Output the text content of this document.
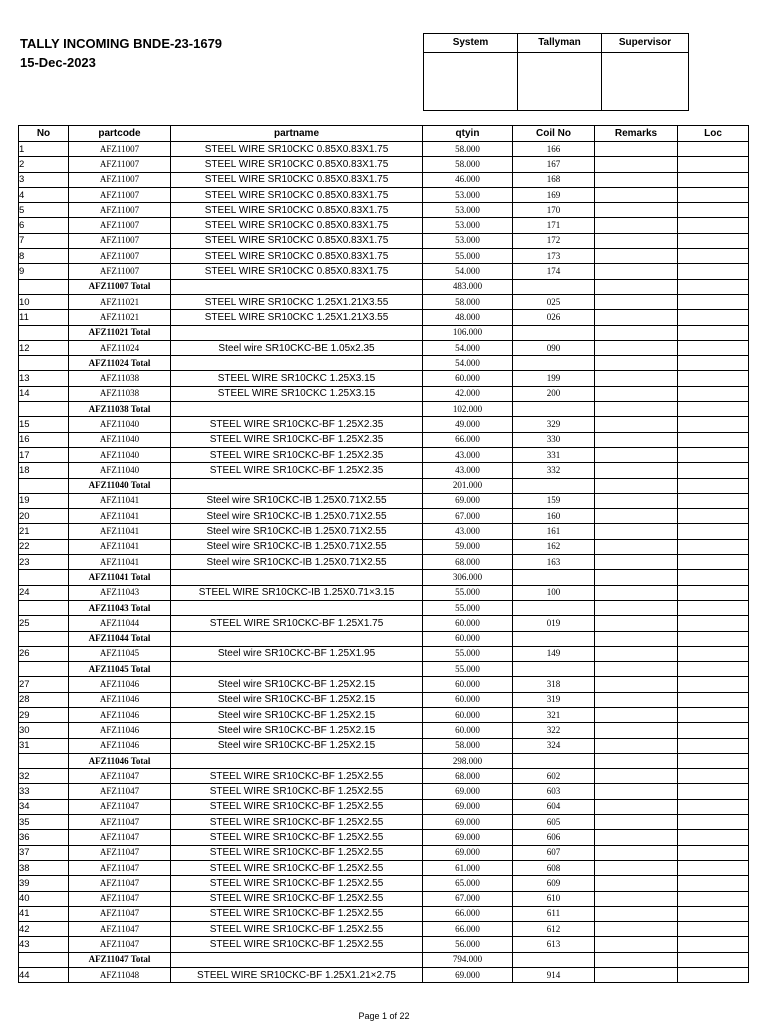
TALLY INCOMING BNDE-23-1679
15-Dec-2023
System	Tallyman	Supervisor
No	partcode	partname	qtyin	Coil No	Remarks	Loc
1	AFZ11007	STEEL WIRE SR10CKC 0.85X0.83X1.75	58.000	166		
2	AFZ11007	STEEL WIRE SR10CKC 0.85X0.83X1.75	58.000	167		
3	AFZ11007	STEEL WIRE SR10CKC 0.85X0.83X1.75	46.000	168		
4	AFZ11007	STEEL WIRE SR10CKC 0.85X0.83X1.75	53.000	169		
5	AFZ11007	STEEL WIRE SR10CKC 0.85X0.83X1.75	53.000	170		
6	AFZ11007	STEEL WIRE SR10CKC 0.85X0.83X1.75	53.000	171		
7	AFZ11007	STEEL WIRE SR10CKC 0.85X0.83X1.75	53.000	172		
8	AFZ11007	STEEL WIRE SR10CKC 0.85X0.83X1.75	55.000	173		
9	AFZ11007	STEEL WIRE SR10CKC 0.85X0.83X1.75	54.000	174		
	AFZ11007 Total		483.000			
10	AFZ11021	STEEL WIRE SR10CKC 1.25X1.21X3.55	58.000	025		
11	AFZ11021	STEEL WIRE SR10CKC 1.25X1.21X3.55	48.000	026		
	AFZ11021 Total		106.000			
12	AFZ11024	Steel wire SR10CKC-BE 1.05x2.35	54.000	090		
	AFZ11024 Total		54.000			
13	AFZ11038	STEEL WIRE SR10CKC 1.25X3.15	60.000	199		
14	AFZ11038	STEEL WIRE SR10CKC 1.25X3.15	42.000	200		
	AFZ11038 Total		102.000			
15	AFZ11040	STEEL WIRE SR10CKC-BF 1.25X2.35	49.000	329		
16	AFZ11040	STEEL WIRE SR10CKC-BF 1.25X2.35	66.000	330		
17	AFZ11040	STEEL WIRE SR10CKC-BF 1.25X2.35	43.000	331		
18	AFZ11040	STEEL WIRE SR10CKC-BF 1.25X2.35	43.000	332		
	AFZ11040 Total		201.000			
19	AFZ11041	Steel wire SR10CKC-IB 1.25X0.71X2.55	69.000	159		
20	AFZ11041	Steel wire SR10CKC-IB 1.25X0.71X2.55	67.000	160		
21	AFZ11041	Steel wire SR10CKC-IB 1.25X0.71X2.55	43.000	161		
22	AFZ11041	Steel wire SR10CKC-IB 1.25X0.71X2.55	59.000	162		
23	AFZ11041	Steel wire SR10CKC-IB 1.25X0.71X2.55	68.000	163		
	AFZ11041 Total		306.000			
24	AFZ11043	STEEL WIRE SR10CKC-IB 1.25X0.71×3.15	55.000	100		
	AFZ11043 Total		55.000			
25	AFZ11044	STEEL WIRE SR10CKC-BF 1.25X1.75	60.000	019		
	AFZ11044 Total		60.000			
26	AFZ11045	Steel wire SR10CKC-BF 1.25X1.95	55.000	149		
	AFZ11045 Total		55.000			
27	AFZ11046	Steel wire SR10CKC-BF 1.25X2.15	60.000	318		
28	AFZ11046	Steel wire SR10CKC-BF 1.25X2.15	60.000	319		
29	AFZ11046	Steel wire SR10CKC-BF 1.25X2.15	60.000	321		
30	AFZ11046	Steel wire SR10CKC-BF 1.25X2.15	60.000	322		
31	AFZ11046	Steel wire SR10CKC-BF 1.25X2.15	58.000	324		
	AFZ11046 Total		298.000			
32	AFZ11047	STEEL WIRE SR10CKC-BF 1.25X2.55	68.000	602		
33	AFZ11047	STEEL WIRE SR10CKC-BF 1.25X2.55	69.000	603		
34	AFZ11047	STEEL WIRE SR10CKC-BF 1.25X2.55	69.000	604		
35	AFZ11047	STEEL WIRE SR10CKC-BF 1.25X2.55	69.000	605		
36	AFZ11047	STEEL WIRE SR10CKC-BF 1.25X2.55	69.000	606		
37	AFZ11047	STEEL WIRE SR10CKC-BF 1.25X2.55	69.000	607		
38	AFZ11047	STEEL WIRE SR10CKC-BF 1.25X2.55	61.000	608		
39	AFZ11047	STEEL WIRE SR10CKC-BF 1.25X2.55	65.000	609		
40	AFZ11047	STEEL WIRE SR10CKC-BF 1.25X2.55	67.000	610		
41	AFZ11047	STEEL WIRE SR10CKC-BF 1.25X2.55	66.000	611		
42	AFZ11047	STEEL WIRE SR10CKC-BF 1.25X2.55	66.000	612		
43	AFZ11047	STEEL WIRE SR10CKC-BF 1.25X2.55	56.000	613		
	AFZ11047 Total		794.000			
44	AFZ11048	STEEL WIRE SR10CKC-BF 1.25X1.21×2.75	69.000	914		
Page 1 of 22
